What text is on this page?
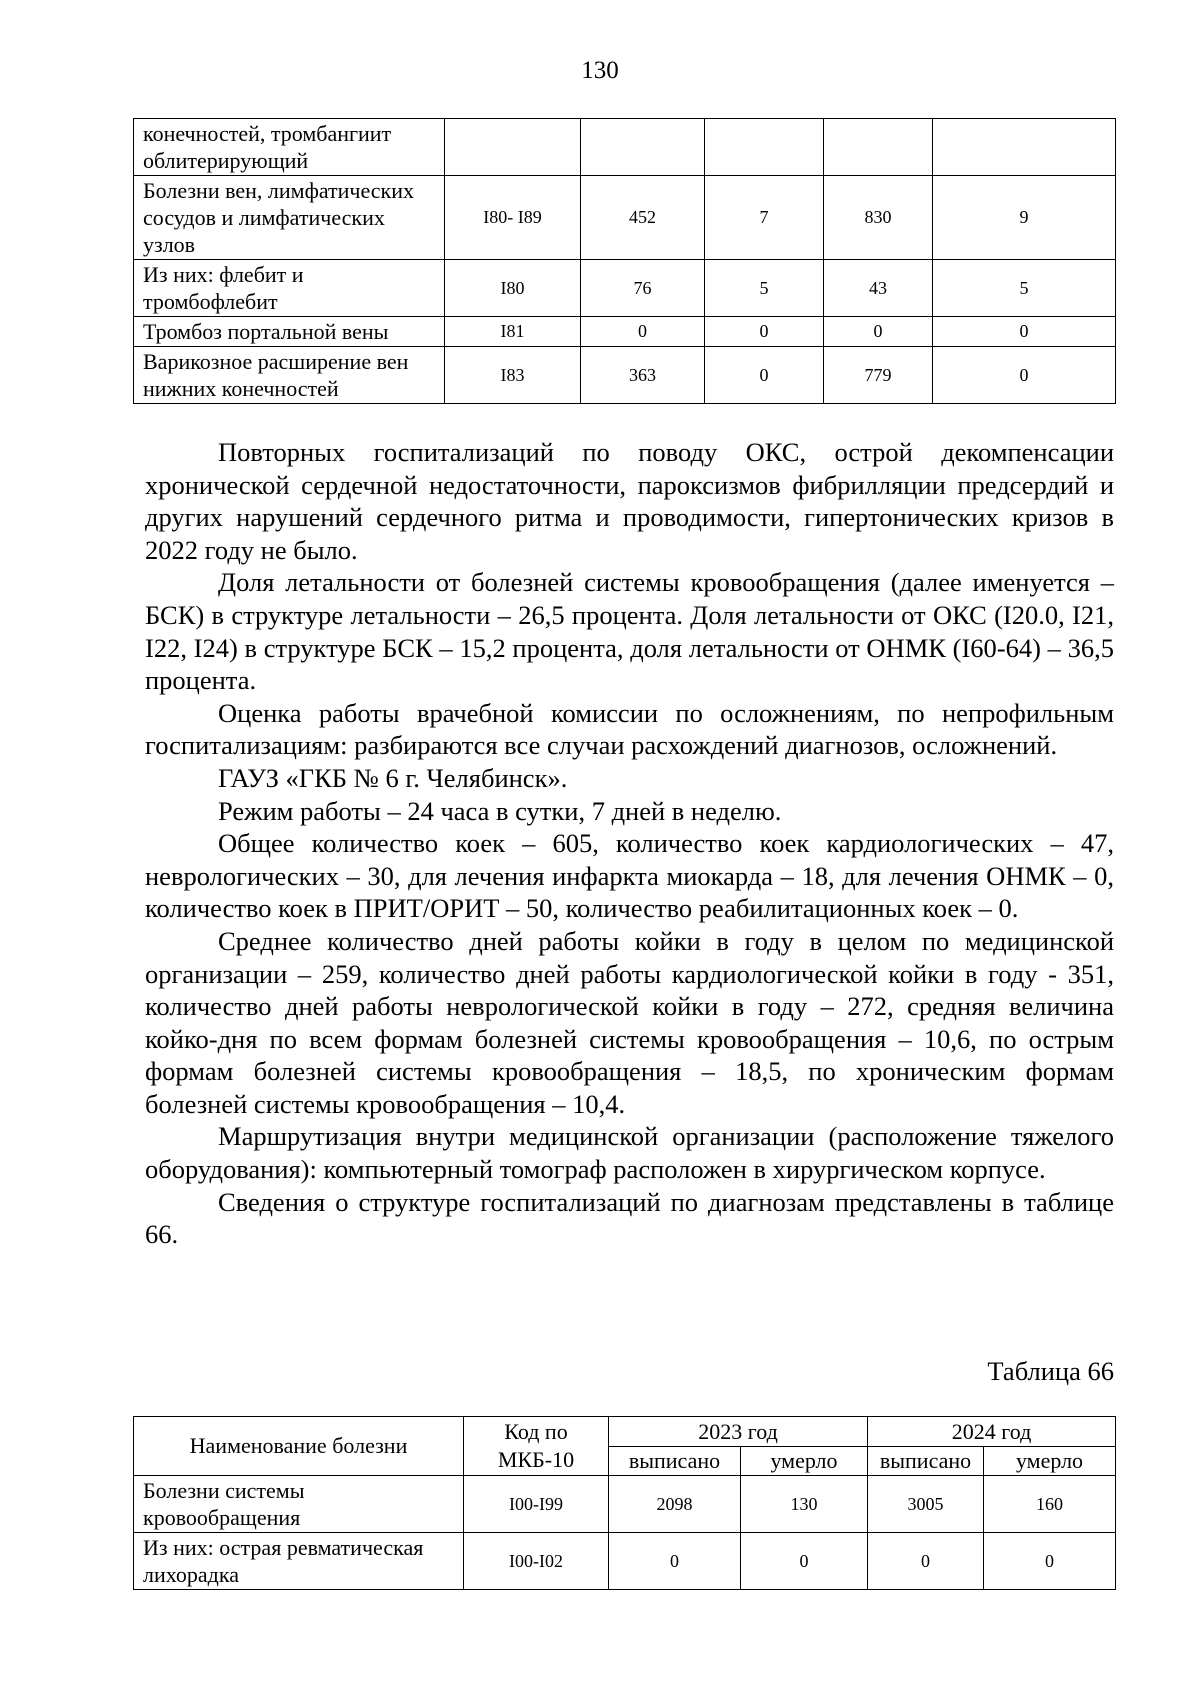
130
конечностей, тромбангиит облитерирующий					
Болезни вен, лимфатических сосудов и лимфатических узлов	I80- I89	452	7	830	9
Из них: флебит и тромбофлебит	I80	76	5	43	5
Тромбоз портальной вены	I81	0	0	0	0
Варикозное расширение вен нижних конечностей	I83	363	0	779	0

Повторных госпитализаций по поводу ОКС, острой декомпенсации хронической сердечной недостаточности, пароксизмов фибрилляции предсердий и других нарушений сердечного ритма и проводимости, гипертонических кризов в 2022 году не было.

Доля летальности от болезней системы кровообращения (далее именуется – БСК) в структуре летальности – 26,5 процента. Доля летальности от ОКС (I20.0, I21, I22, I24) в структуре БСК – 15,2 процента, доля летальности от ОНМК (I60-64) – 36,5 процента.

Оценка работы врачебной комиссии по осложнениям, по непрофильным госпитализациям: разбираются все случаи расхождений диагнозов, осложнений.

ГАУЗ «ГКБ № 6 г. Челябинск».

Режим работы – 24 часа в сутки, 7 дней в неделю.

Общее количество коек – 605, количество коек кардиологических – 47, неврологических – 30, для лечения инфаркта миокарда – 18, для лечения ОНМК – 0, количество коек в ПРИТ/ОРИТ – 50, количество реабилитационных коек – 0.

Среднее количество дней работы койки в году в целом по медицинской организации – 259, количество дней работы кардиологической койки в году - 351, количество дней работы неврологической койки в году – 272, средняя величина койко-дня по всем формам болезней системы кровообращения – 10,6, по острым формам болезней системы кровообращения – 18,5, по хроническим формам болезней системы кровообращения – 10,4.

Маршрутизация внутри медицинской организации (расположение тяжелого оборудования): компьютерный томограф расположен в хирургическом корпусе.

Сведения о структуре госпитализаций по диагнозам представлены в таблице 66.

Таблица 66
Наименование болезни	Код по МКБ-10	2023 год		2024 год	
		выписано	умерло	выписано	умерло
Болезни системы кровообращения	I00-I99	2098	130	3005	160
Из них: острая ревматическая лихорадка	I00-I02	0	0	0	0
